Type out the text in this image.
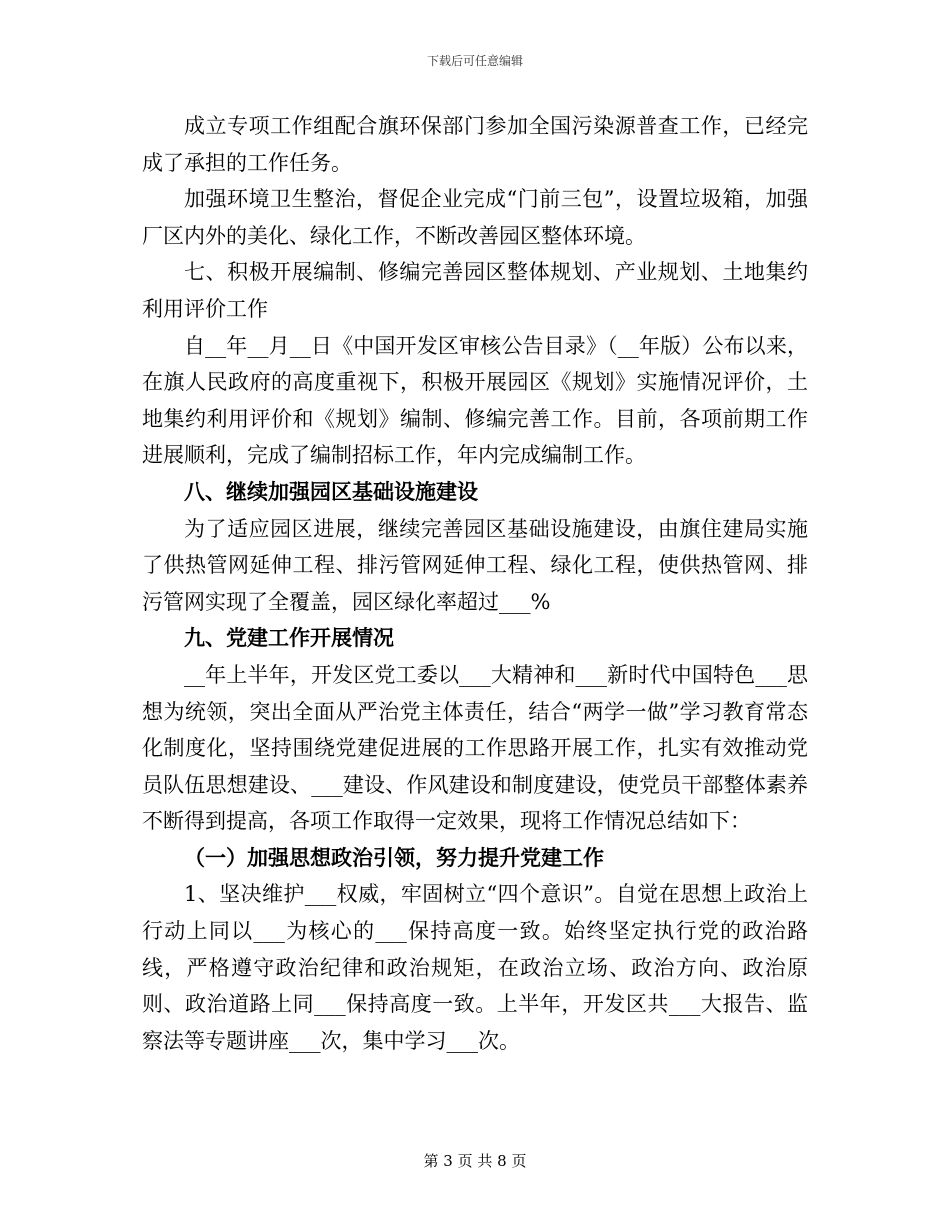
下载后可任意编辑

成立专项工作组配合旗环保部门参加全国污染源普查工作，已经完成了承担的工作任务。

加强环境卫生整治，督促企业完成“门前三包”，设置垃圾箱，加强厂区内外的美化、绿化工作，不断改善园区整体环境。

七、积极开展编制、修编完善园区整体规划、产业规划、土地集约利用评价工作

自__年__月__日《中国开发区审核公告目录》（__年版）公布以来，在旗人民政府的高度重视下，积极开展园区《规划》实施情况评价，土地集约利用评价和《规划》编制、修编完善工作。目前，各项前期工作进展顺利，完成了编制招标工作，年内完成编制工作。

八、继续加强园区基础设施建设

为了适应园区进展，继续完善园区基础设施建设，由旗住建局实施了供热管网延伸工程、排污管网延伸工程、绿化工程，使供热管网、排污管网实现了全覆盖，园区绿化率超过___%

九、党建工作开展情况

__年上半年，开发区党工委以___大精神和___新时代中国特色___思想为统领，突出全面从严治党主体责任，结合“两学一做”学习教育常态化制度化，坚持围绕党建促进展的工作思路开展工作，扎实有效推动党员队伍思想建设、___建设、作风建设和制度建设，使党员干部整体素养不断得到提高，各项工作取得一定效果，现将工作情况总结如下：

（一）加强思想政治引领，努力提升党建工作

1、坚决维护___权威，牢固树立“四个意识”。自觉在思想上政治上行动上同以___为核心的___保持高度一致。始终坚定执行党的政治路线，严格遵守政治纪律和政治规矩，在政治立场、政治方向、政治原则、政治道路上同___保持高度一致。上半年，开发区共___大报告、监察法等专题讲座___次，集中学习___次。

第 3 页 共 8 页
